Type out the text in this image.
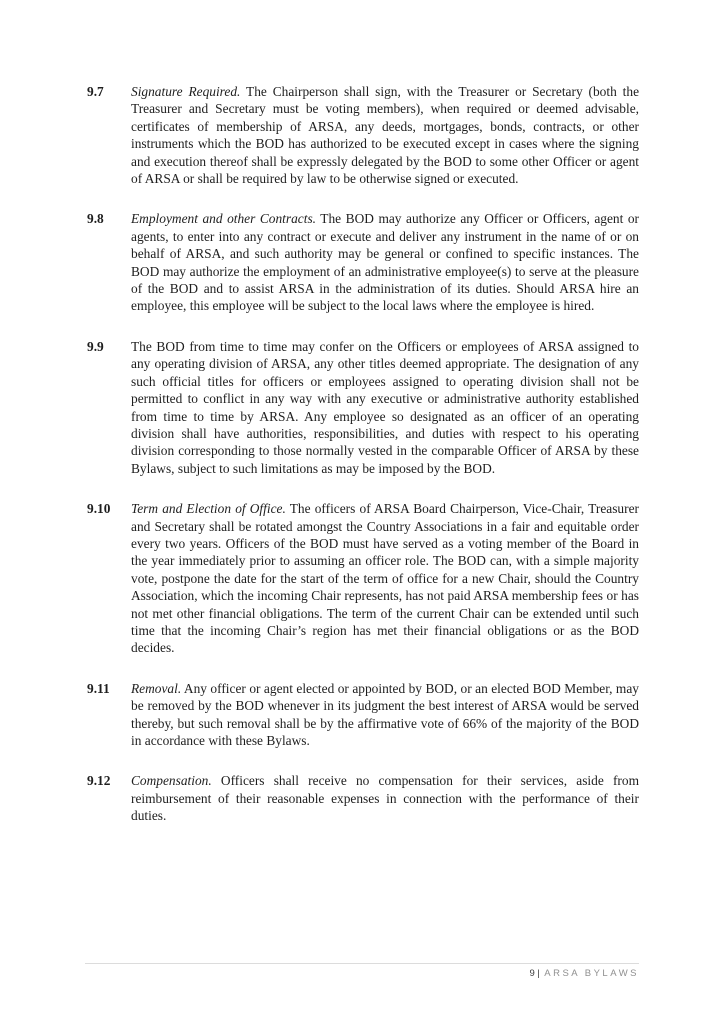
9.7	Signature Required. The Chairperson shall sign, with the Treasurer or Secretary (both the Treasurer and Secretary must be voting members), when required or deemed advisable, certificates of membership of ARSA, any deeds, mortgages, bonds, contracts, or other instruments which the BOD has authorized to be executed except in cases where the signing and execution thereof shall be expressly delegated by the BOD to some other Officer or agent of ARSA or shall be required by law to be otherwise signed or executed.

9.8	Employment and other Contracts. The BOD may authorize any Officer or Officers, agent or agents, to enter into any contract or execute and deliver any instrument in the name of or on behalf of ARSA, and such authority may be general or confined to specific instances. The BOD may authorize the employment of an administrative employee(s) to serve at the pleasure of the BOD and to assist ARSA in the administration of its duties. Should ARSA hire an employee, this employee will be subject to the local laws where the employee is hired.

9.9	The BOD from time to time may confer on the Officers or employees of ARSA assigned to any operating division of ARSA, any other titles deemed appropriate. The designation of any such official titles for officers or employees assigned to operating division shall not be permitted to conflict in any way with any executive or administrative authority established from time to time by ARSA. Any employee so designated as an officer of an operating division shall have authorities, responsibilities, and duties with respect to his operating division corresponding to those normally vested in the comparable Officer of ARSA by these Bylaws, subject to such limitations as may be imposed by the BOD.

9.10	Term and Election of Office. The officers of ARSA Board Chairperson, Vice-Chair, Treasurer and Secretary shall be rotated amongst the Country Associations in a fair and equitable order every two years. Officers of the BOD must have served as a voting member of the Board in the year immediately prior to assuming an officer role. The BOD can, with a simple majority vote, postpone the date for the start of the term of office for a new Chair, should the Country Association, which the incoming Chair represents, has not paid ARSA membership fees or has not met other financial obligations. The term of the current Chair can be extended until such time that the incoming Chair’s region has met their financial obligations or as the BOD decides.

9.11	Removal. Any officer or agent elected or appointed by BOD, or an elected BOD Member, may be removed by the BOD whenever in its judgment the best interest of ARSA would be served thereby, but such removal shall be by the affirmative vote of 66% of the majority of the BOD in accordance with these Bylaws.

9.12	Compensation. Officers shall receive no compensation for their services, aside from reimbursement of their reasonable expenses in connection with the performance of their duties.

9| ARSA BYLAWS
